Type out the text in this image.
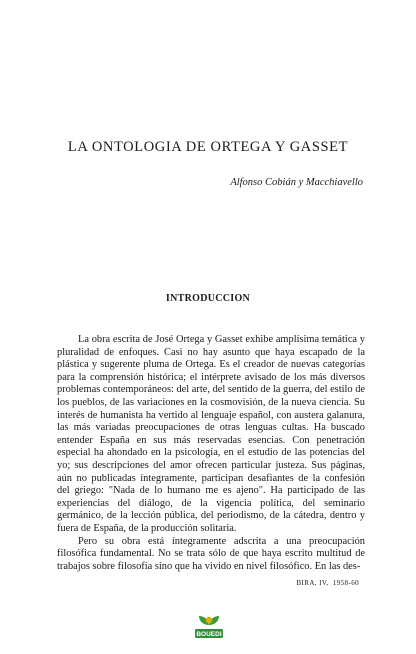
LA ONTOLOGIA DE ORTEGA Y GASSET

Alfonso Cobián y Macchiavello

INTRODUCCION

La obra escrita de José Ortega y Gasset exhibe amplísima temática y pluralidad de enfoques. Casi no hay asunto que haya escapado de la plástica y sugerente pluma de Ortega. Es el creador de nuevas categorías para la comprensión histórica; el intérprete avisado de los más diversos problemas contemporáneos: del arte, del sentido de la guerra, del estilo de los pueblos, de las variaciones en la cosmovisión, de la nueva ciencia. Su interés de humanista ha vertido al lenguaje español, con austera galanura, las más variadas preocupaciones de otras lenguas cultas. Ha buscado entender España en sus más reservadas esencias. Con penetración especial ha ahondado en la psicología, en el estudio de las potencias del yo; sus descripciones del amor ofrecen particular justeza. Sus páginas, aún no publicadas íntegramente, participan desafiantes de la confesión del griego: "Nada de lo humano me es ajeno". Ha participado de las experiencias del diálogo, de la vigencia política, del seminario germánico, de la lección pública, del periodismo, de la cátedra, dentro y fuera de España, de la producción solitaria.

Pero su obra está íntegramente adscrita a una preocupación filosófica fundamental. No se trata sólo de que haya escrito multitud de trabajos sobre filosofía sino que ha vivido en nivel filosófico. En las des-

BIRA, IV, 1958-60

BOUEDI
